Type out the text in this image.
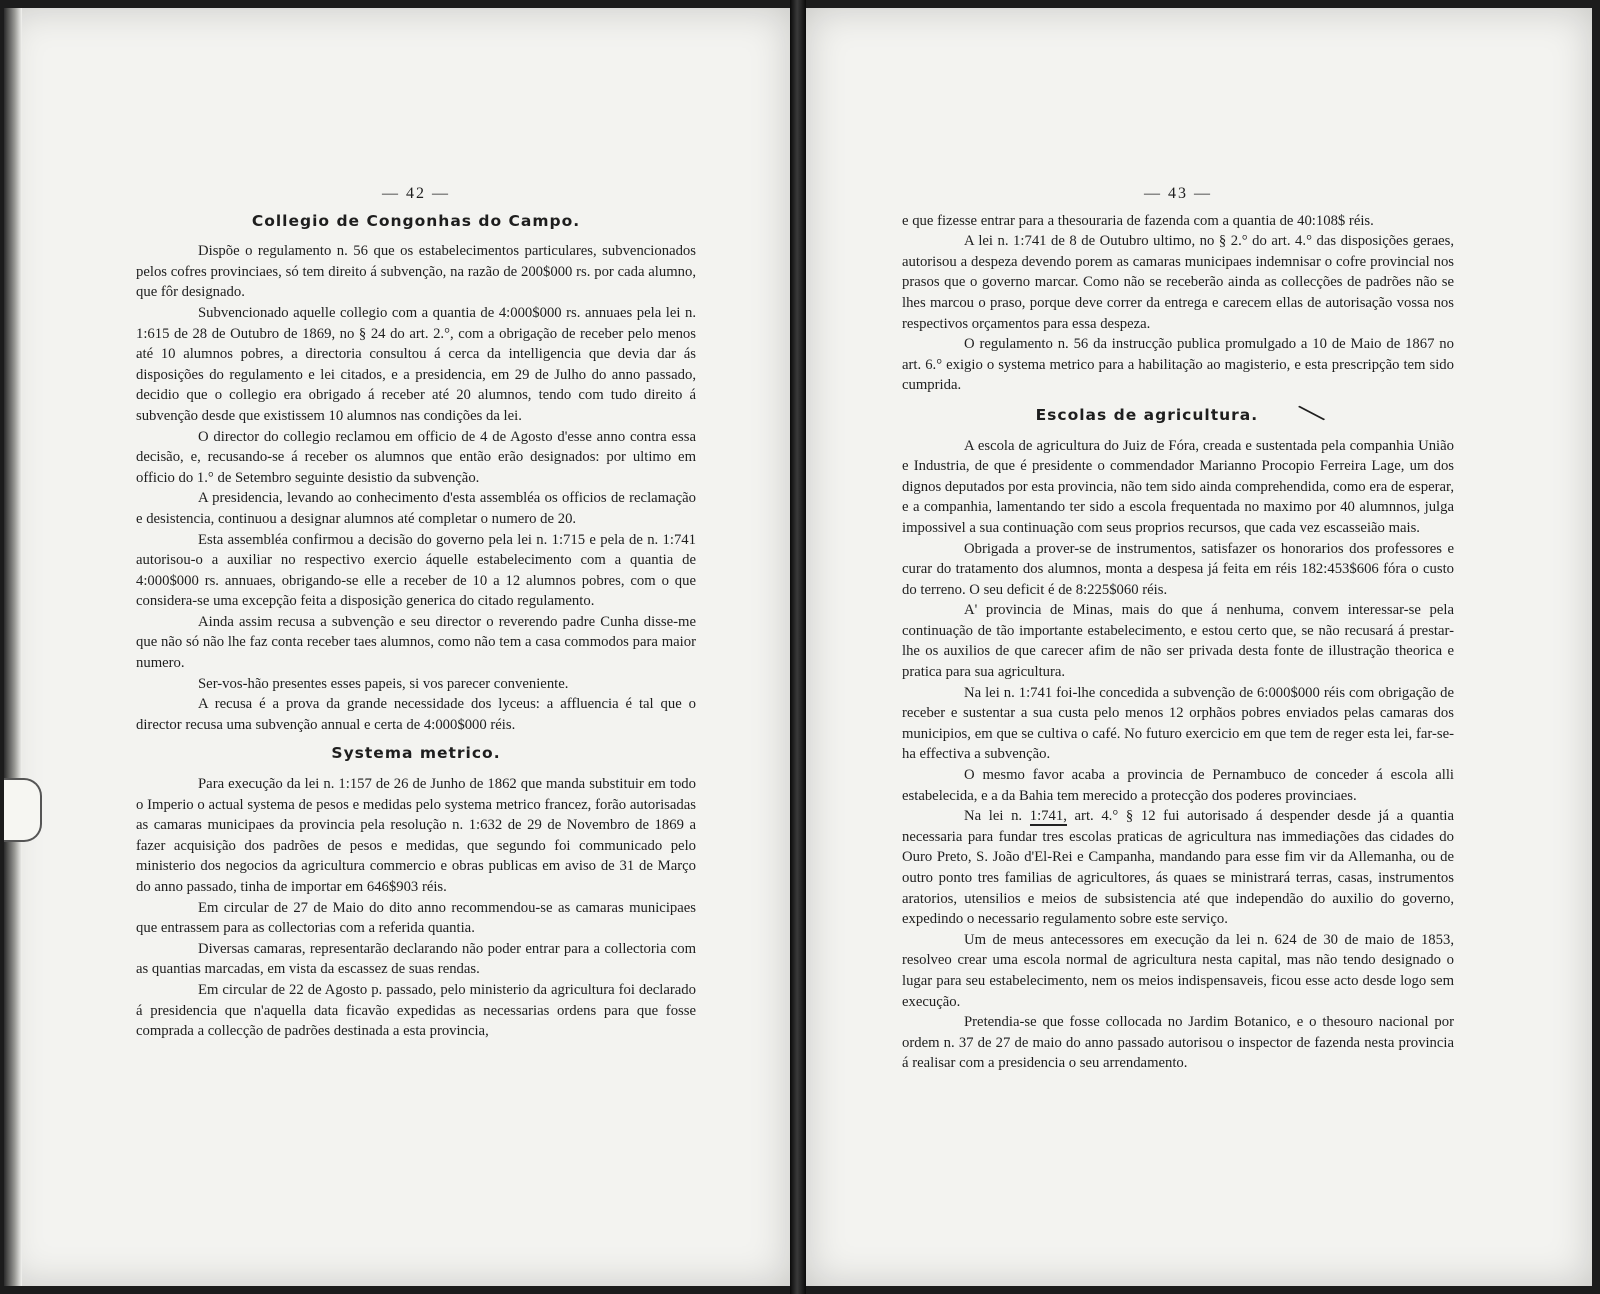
— 42 —
Collegio de Congonhas do Campo.

Dispõe o regulamento n. 56 que os estabelecimentos particulares, subvencionados pelos cofres provinciaes, só tem direito á subvenção, na razão de 200$000 rs. por cada alumno, que fôr designado.

Subvencionado aquelle collegio com a quantia de 4:000$000 rs. annuaes pela lei n. 1:615 de 28 de Outubro de 1869, no § 24 do art. 2.°, com a obrigação de receber pelo menos até 10 alumnos pobres, a directoria consultou á cerca da intelligencia que devia dar ás disposições do regulamento e lei citados, e a presidencia, em 29 de Julho do anno passado, decidio que o collegio era obrigado á receber até 20 alumnos, tendo com tudo direito á subvenção desde que existissem 10 alumnos nas condições da lei.

O director do collegio reclamou em officio de 4 de Agosto d'esse anno contra essa decisão, e, recusando-se á receber os alumnos que então erão designados: por ultimo em officio do 1.° de Setembro seguinte desistio da subvenção.

A presidencia, levando ao conhecimento d'esta assembléa os officios de reclamação e desistencia, continuou a designar alumnos até completar o numero de 20.

Esta assembléa confirmou a decisão do governo pela lei n. 1:715 e pela de n. 1:741 autorisou-o a auxiliar no respectivo exercio áquelle estabelecimento com a quantia de 4:000$000 rs. annuaes, obrigando-se elle a receber de 10 a 12 alumnos pobres, com o que considera-se uma excepção feita a disposição generica do citado regulamento.

Ainda assim recusa a subvenção e seu director o reverendo padre Cunha disse-me que não só não lhe faz conta receber taes alumnos, como não tem a casa commodos para maior numero.

Ser-vos-hão presentes esses papeis, si vos parecer conveniente.

A recusa é a prova da grande necessidade dos lyceus: a affluencia é tal que o director recusa uma subvenção annual e certa de 4:000$000 réis.

Systema metrico.

Para execução da lei n. 1:157 de 26 de Junho de 1862 que manda substituir em todo o Imperio o actual systema de pesos e medidas pelo systema metrico francez, forão autorisadas as camaras municipaes da provincia pela resolução n. 1:632 de 29 de Novembro de 1869 a fazer acquisição dos padrões de pesos e medidas, que segundo foi communicado pelo ministerio dos negocios da agricultura commercio e obras publicas em aviso de 31 de Março do anno passado, tinha de importar em 646$903 réis.

Em circular de 27 de Maio do dito anno recommendou-se as camaras municipaes que entrassem para as collectorias com a referida quantia.

Diversas camaras, representarão declarando não poder entrar para a collectoria com as quantias marcadas, em vista da escassez de suas rendas.

Em circular de 22 de Agosto p. passado, pelo ministerio da agricultura foi declarado á presidencia que n'aquella data ficavão expedidas as necessarias ordens para que fosse comprada a collecção de padrões destinada a esta provincia,

— 43 —

e que fizesse entrar para a thesouraria de fazenda com a quantia de 40:108$ réis.

A lei n. 1:741 de 8 de Outubro ultimo, no § 2.° do art. 4.° das disposições geraes, autorisou a despeza devendo porem as camaras municipaes indemnisar o cofre provincial nos prasos que o governo marcar. Como não se receberão ainda as collecções de padrões não se lhes marcou o praso, porque deve correr da entrega e carecem ellas de autorisação vossa nos respectivos orçamentos para essa despeza.

O regulamento n. 56 da instrucção publica promulgado a 10 de Maio de 1867 no art. 6.° exigio o systema metrico para a habilitação ao magisterio, e esta prescripção tem sido cumprida.

Escolas de agricultura. ╲

A escola de agricultura do Juiz de Fóra, creada e sustentada pela companhia União e Industria, de que é presidente o commendador Marianno Procopio Ferreira Lage, um dos dignos deputados por esta provincia, não tem sido ainda comprehendida, como era de esperar, e a companhia, lamentando ter sido a escola frequentada no maximo por 40 alumnnos, julga impossivel a sua continuação com seus proprios recursos, que cada vez escasseião mais.

Obrigada a prover-se de instrumentos, satisfazer os honorarios dos professores e curar do tratamento dos alumnos, monta a despesa já feita em réis 182:453$606 fóra o custo do terreno. O seu deficit é de 8:225$060 réis.

A' provincia de Minas, mais do que á nenhuma, convem interessar-se pela continuação de tão importante estabelecimento, e estou certo que, se não recusará á prestar-lhe os auxilios de que carecer afim de não ser privada desta fonte de illustração theorica e pratica para sua agricultura.

Na lei n. 1:741 foi-lhe concedida a subvenção de 6:000$000 réis com obrigação de receber e sustentar a sua custa pelo menos 12 orphãos pobres enviados pelas camaras dos municipios, em que se cultiva o café. No futuro exercicio em que tem de reger esta lei, far-se-ha effectiva a subvenção.

O mesmo favor acaba a provincia de Pernambuco de conceder á escola alli estabelecida, e a da Bahia tem merecido a protecção dos poderes provinciaes.

Na lei n. 1:741, art. 4.° § 12 fui autorisado á despender desde já a quantia necessaria para fundar tres escolas praticas de agricultura nas immediações das cidades do Ouro Preto, S. João d'El-Rei e Campanha, mandando para esse fim vir da Allemanha, ou de outro ponto tres familias de agricultores, ás quaes se ministrará terras, casas, instrumentos aratorios, utensilios e meios de subsistencia até que independão do auxilio do governo, expedindo o necessario regulamento sobre este serviço.

Um de meus antecessores em execução da lei n. 624 de 30 de maio de 1853, resolveo crear uma escola normal de agricultura nesta capital, mas não tendo designado o lugar para seu estabelecimento, nem os meios indispensaveis, ficou esse acto desde logo sem execução.

Pretendia-se que fosse collocada no Jardim Botanico, e o thesouro nacional por ordem n. 37 de 27 de maio do anno passado autorisou o inspector de fazenda nesta provincia á realisar com a presidencia o seu arrendamento.
